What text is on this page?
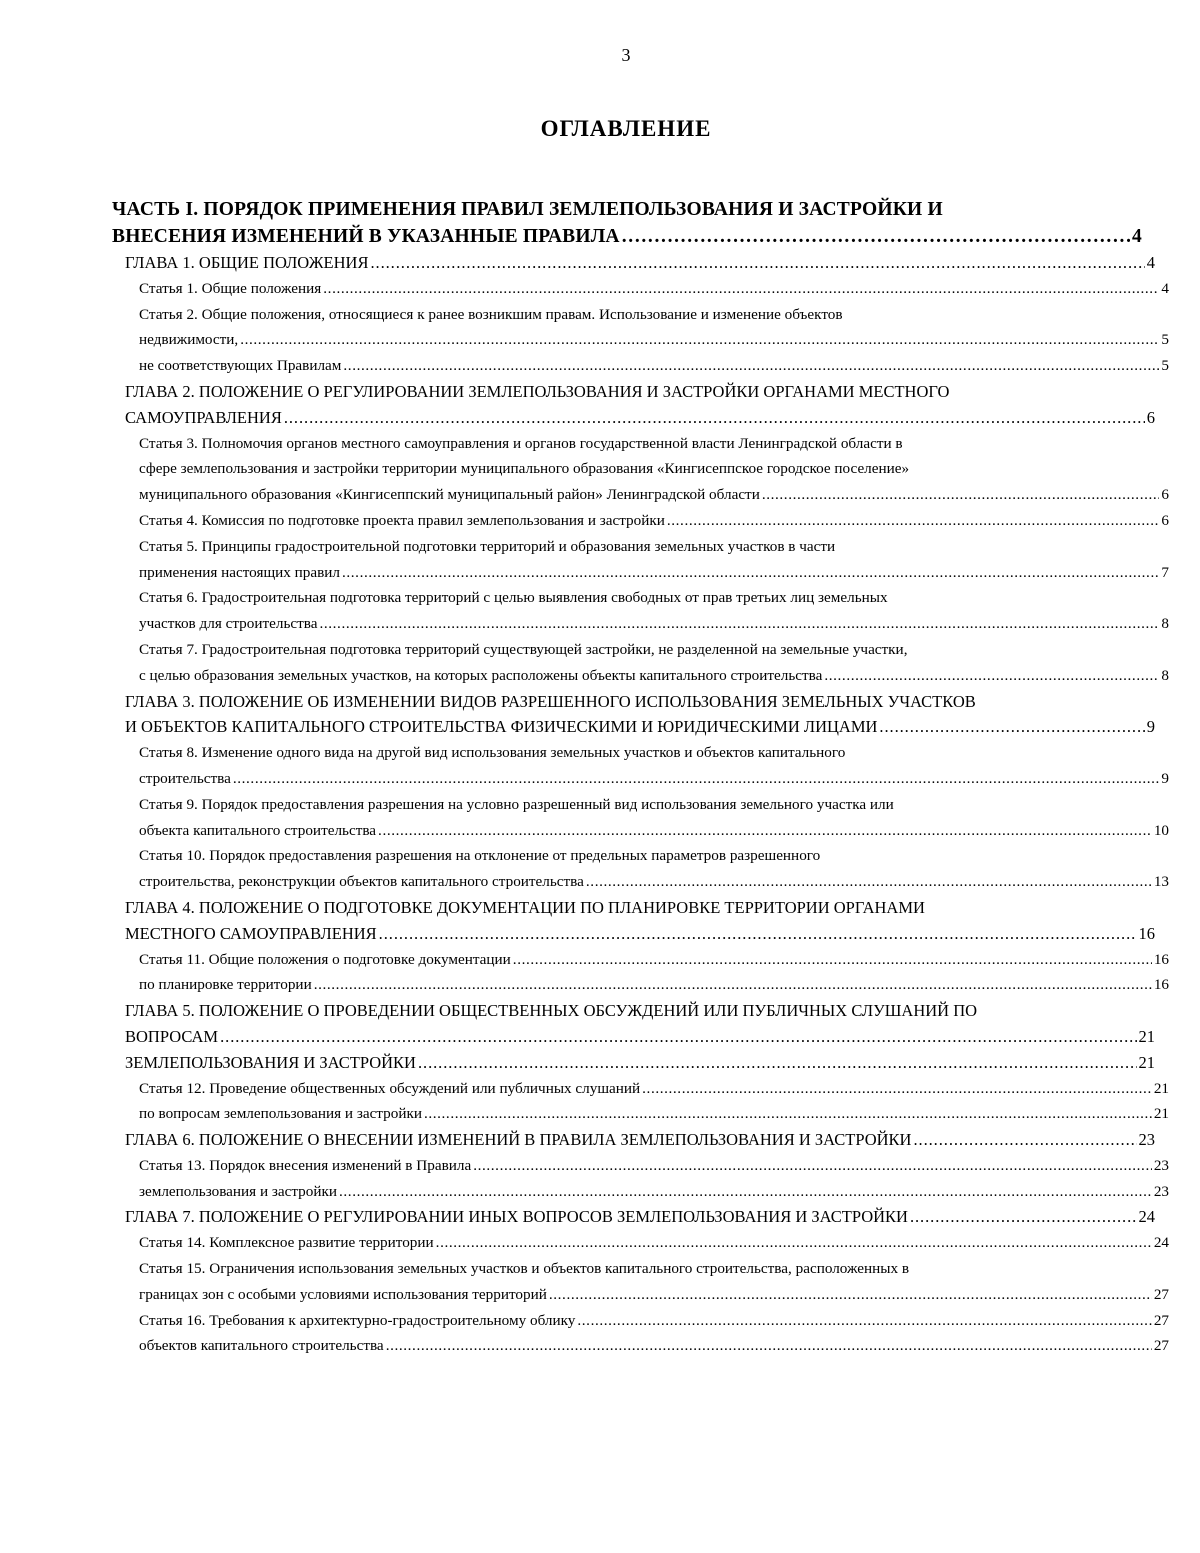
3
ОГЛАВЛЕНИЕ
ЧАСТЬ I. ПОРЯДОК ПРИМЕНЕНИЯ ПРАВИЛ ЗЕМЛЕПОЛЬЗОВАНИЯ И ЗАСТРОЙКИ И
ВНЕСЕНИЯ ИЗМЕНЕНИЙ В УКАЗАННЫЕ ПРАВИЛА . . .	4
ГЛАВА 1. ОБЩИЕ ПОЛОЖЕНИЯ . . .	4
Статья 1. Общие положения . . .	4
Статья 2. Общие положения, относящиеся к ранее возникшим правам. Использование и изменение объектов
недвижимости, . . .	5
не соответствующих Правилам . . .	5
ГЛАВА 2. ПОЛОЖЕНИЕ О РЕГУЛИРОВАНИИ ЗЕМЛЕПОЛЬЗОВАНИЯ И ЗАСТРОЙКИ ОРГАНАМИ МЕСТНОГО
САМОУПРАВЛЕНИЯ . . .	6
Статья 3. Полномочия органов местного самоуправления и органов государственной власти Ленинградской области в
сфере землепользования и застройки территории муниципального образования «Кингисеппское городское поселение»
муниципального образования «Кингисеппский муниципальный район» Ленинградской области . . .	6
Статья 4. Комиссия по подготовке проекта правил землепользования и застройки . . .	6
Статья 5. Принципы градостроительной подготовки территорий и образования земельных участков в части
применения настоящих правил . . .	7
Статья 6. Градостроительная подготовка территорий с целью выявления свободных от прав третьих лиц земельных
участков для строительства . . .	8
Статья 7. Градостроительная подготовка территорий существующей застройки, не разделенной на земельные участки,
с целью образования земельных участков, на которых расположены объекты капитального строительства . . .	8
ГЛАВА 3. ПОЛОЖЕНИЕ ОБ ИЗМЕНЕНИИ ВИДОВ РАЗРЕШЕННОГО ИСПОЛЬЗОВАНИЯ ЗЕМЕЛЬНЫХ УЧАСТКОВ
И ОБЪЕКТОВ КАПИТАЛЬНОГО СТРОИТЕЛЬСТВА ФИЗИЧЕСКИМИ И ЮРИДИЧЕСКИМИ ЛИЦАМИ . . .	9
Статья 8. Изменение одного вида на другой вид использования земельных участков и объектов капитального
строительства . . .	9
Статья 9. Порядок предоставления разрешения на условно разрешенный вид использования земельного участка или
объекта капитального строительства . . .	10
Статья 10. Порядок предоставления разрешения на отклонение от предельных параметров разрешенного
строительства, реконструкции объектов капитального строительства . . .	13
ГЛАВА 4. ПОЛОЖЕНИЕ О ПОДГОТОВКЕ ДОКУМЕНТАЦИИ ПО ПЛАНИРОВКЕ ТЕРРИТОРИИ ОРГАНАМИ
МЕСТНОГО САМОУПРАВЛЕНИЯ . . .	16
Статья 11. Общие положения о подготовке документации . . .	16
по планировке территории . . .	16
ГЛАВА 5. ПОЛОЖЕНИЕ О ПРОВЕДЕНИИ ОБЩЕСТВЕННЫХ ОБСУЖДЕНИЙ ИЛИ ПУБЛИЧНЫХ СЛУШАНИЙ ПО
ВОПРОСАМ . . .	21
ЗЕМЛЕПОЛЬЗОВАНИЯ И ЗАСТРОЙКИ . . .	21
Статья 12. Проведение общественных обсуждений или публичных слушаний . . .	21
по вопросам землепользования и застройки . . .	21
ГЛАВА 6. ПОЛОЖЕНИЕ О ВНЕСЕНИИ ИЗМЕНЕНИЙ В ПРАВИЛА ЗЕМЛЕПОЛЬЗОВАНИЯ И ЗАСТРОЙКИ . . .	23
Статья 13. Порядок внесения изменений в Правила . . .	23
землепользования и застройки . . .	23
ГЛАВА 7. ПОЛОЖЕНИЕ О РЕГУЛИРОВАНИИ ИНЫХ ВОПРОСОВ ЗЕМЛЕПОЛЬЗОВАНИЯ И ЗАСТРОЙКИ . . .	24
Статья 14. Комплексное развитие территории . . .	24
Статья 15. Ограничения использования земельных участков и объектов капитального строительства, расположенных в
границах зон с особыми условиями использования территорий . . .	27
Статья 16. Требования к архитектурно-градостроительному облику . . .	27
объектов капитального строительства . . .	27
